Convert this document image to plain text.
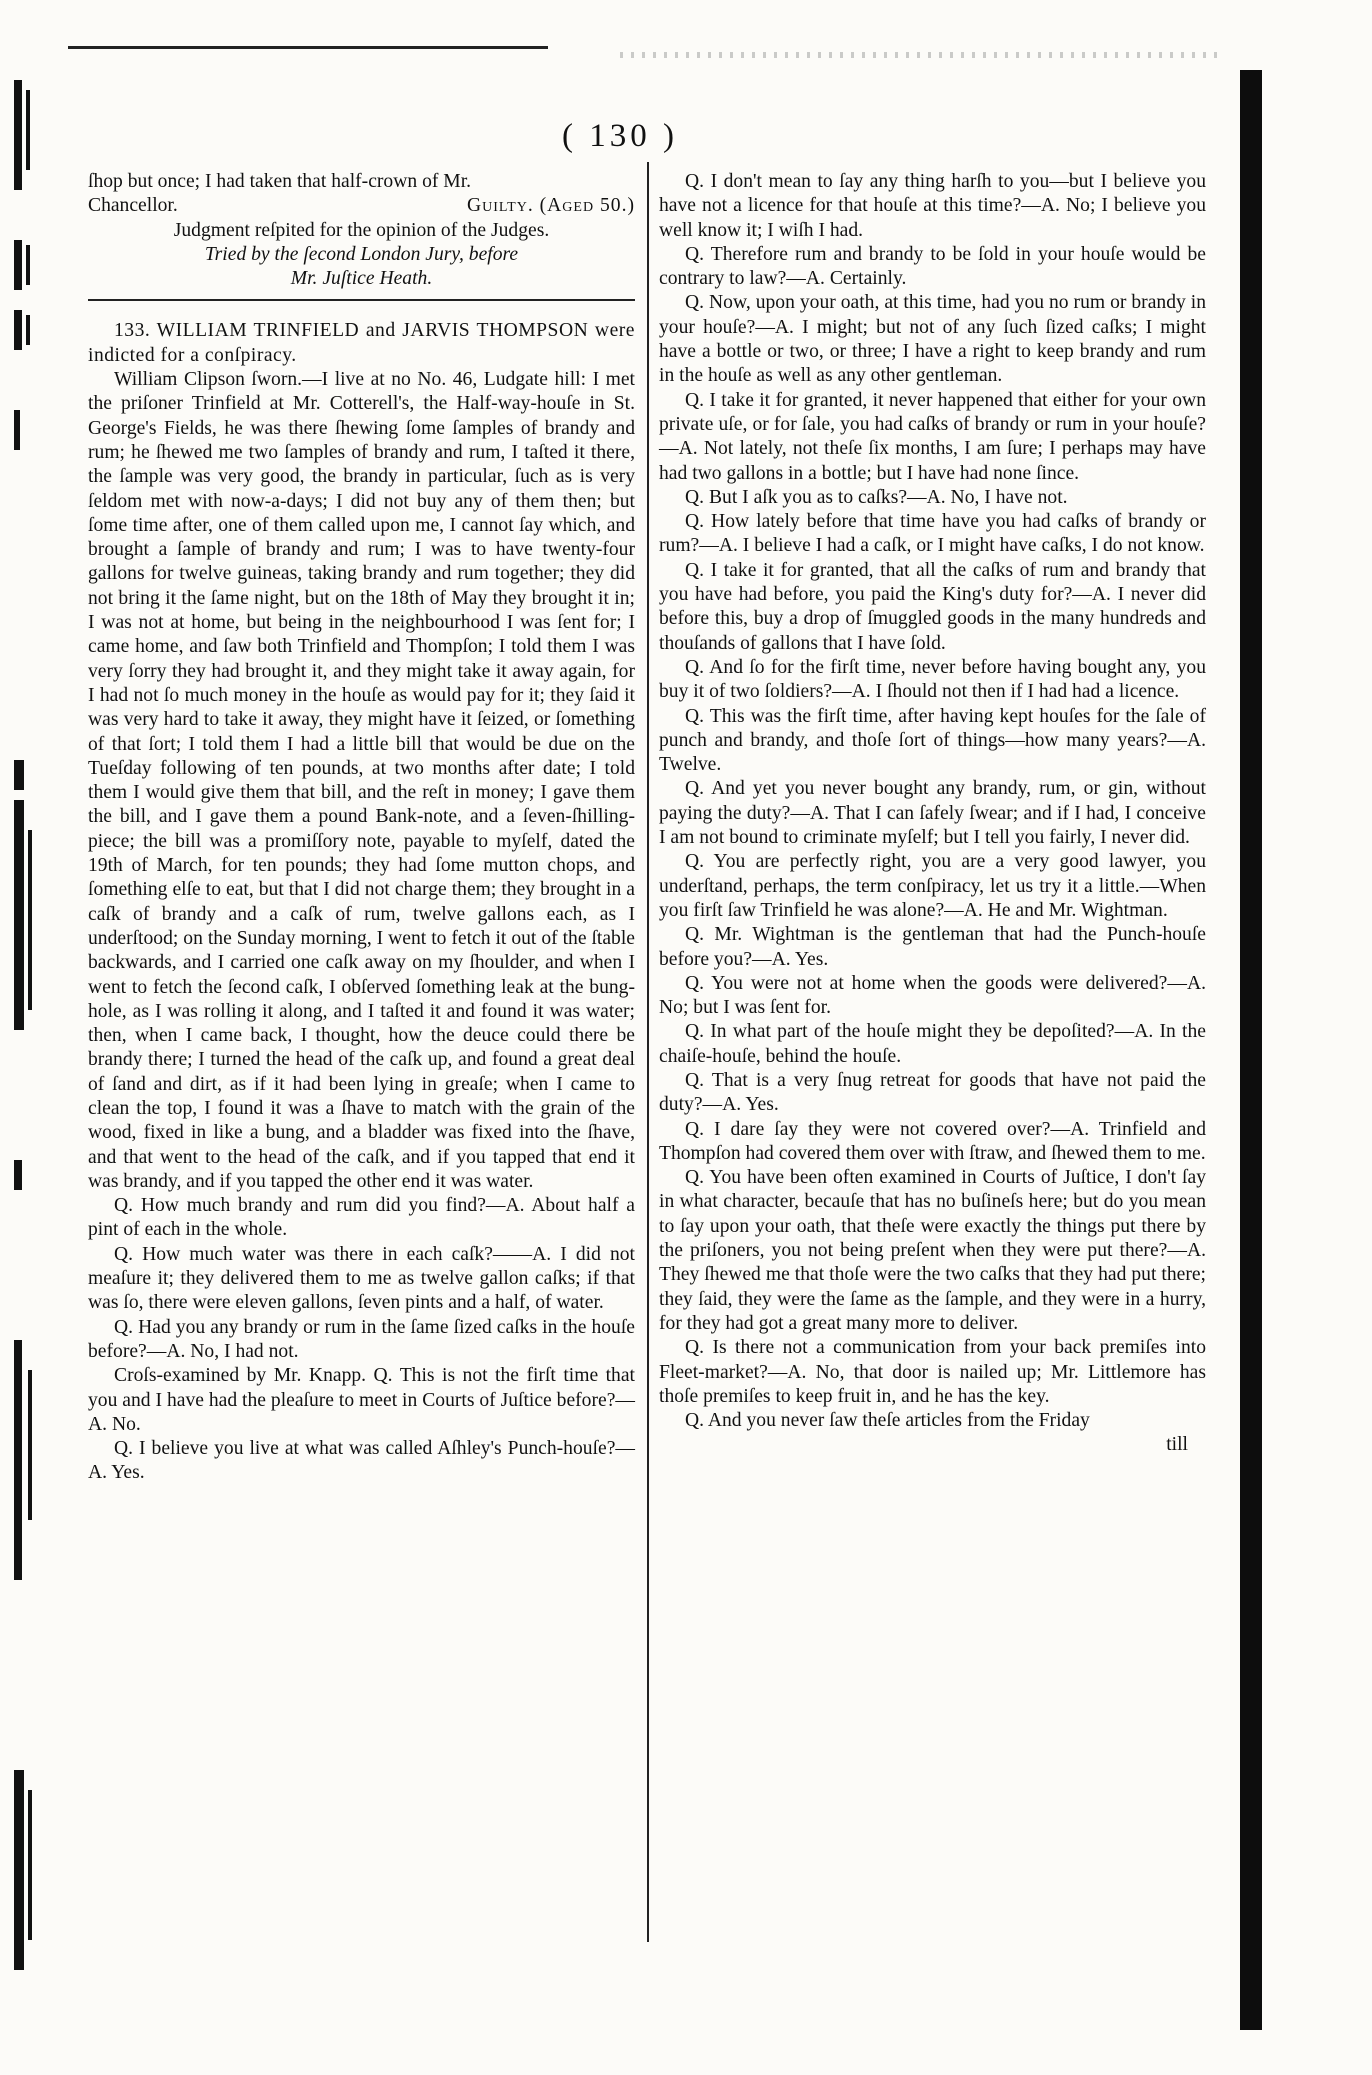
( 130 )

ſhop but once; I had taken that half-crown of Mr.

Chancellor.	Guilty. (Aged 50.)

Judgment reſpited for the opinion of the Judges.

Tried by the ſecond London Jury, before

Mr. Juſtice Heath.

133. WILLIAM TRINFIELD and JARVIS THOMPSON were indicted for a conſpiracy.

William Clipson ſworn.—I live at no No. 46, Ludgate hill: I met the priſoner Trinfield at Mr. Cotterell's, the Half-way-houſe in St. George's Fields, he was there ſhewing ſome ſamples of brandy and rum; he ſhewed me two ſamples of brandy and rum, I taſted it there, the ſample was very good, the brandy in particular, ſuch as is very ſeldom met with now-a-days; I did not buy any of them then; but ſome time after, one of them called upon me, I cannot ſay which, and brought a ſample of brandy and rum; I was to have twenty-four gallons for twelve guineas, taking brandy and rum together; they did not bring it the ſame night, but on the 18th of May they brought it in; I was not at home, but being in the neighbourhood I was ſent for; I came home, and ſaw both Trinfield and Thompſon; I told them I was very ſorry they had brought it, and they might take it away again, for I had not ſo much money in the houſe as would pay for it; they ſaid it was very hard to take it away, they might have it ſeized, or ſomething of that ſort; I told them I had a little bill that would be due on the Tueſday following of ten pounds, at two months after date; I told them I would give them that bill, and the reſt in money; I gave them the bill, and I gave them a pound Bank-note, and a ſeven-ſhilling-piece; the bill was a promiſſory note, payable to myſelf, dated the 19th of March, for ten pounds; they had ſome mutton chops, and ſomething elſe to eat, but that I did not charge them; they brought in a caſk of brandy and a caſk of rum, twelve gallons each, as I underſtood; on the Sunday morning, I went to fetch it out of the ſtable backwards, and I carried one caſk away on my ſhoulder, and when I went to fetch the ſecond caſk, I obſerved ſomething leak at the bung-hole, as I was rolling it along, and I taſted it and found it was water; then, when I came back, I thought, how the deuce could there be brandy there; I turned the head of the caſk up, and found a great deal of ſand and dirt, as if it had been lying in greaſe; when I came to clean the top, I found it was a ſhave to match with the grain of the wood, fixed in like a bung, and a bladder was fixed into the ſhave, and that went to the head of the caſk, and if you tapped that end it was brandy, and if you tapped the other end it was water.

Q. How much brandy and rum did you find?—A. About half a pint of each in the whole.

Q. How much water was there in each caſk?——A. I did not meaſure it; they delivered them to me as twelve gallon caſks; if that was ſo, there were eleven gallons, ſeven pints and a half, of water.

Q. Had you any brandy or rum in the ſame ſized caſks in the houſe before?—A. No, I had not.

Croſs-examined by Mr. Knapp. Q. This is not the firſt time that you and I have had the pleaſure to meet in Courts of Juſtice before?—A. No.

Q. I believe you live at what was called Aſhley's Punch-houſe?—A. Yes.

Q. I don't mean to ſay any thing harſh to you—but I believe you have not a licence for that houſe at this time?—A. No; I believe you well know it; I wiſh I had.

Q. Therefore rum and brandy to be ſold in your houſe would be contrary to law?—A. Certainly.

Q. Now, upon your oath, at this time, had you no rum or brandy in your houſe?—A. I might; but not of any ſuch ſized caſks; I might have a bottle or two, or three; I have a right to keep brandy and rum in the houſe as well as any other gentleman.

Q. I take it for granted, it never happened that either for your own private uſe, or for ſale, you had caſks of brandy or rum in your houſe?—A. Not lately, not theſe ſix months, I am ſure; I perhaps may have had two gallons in a bottle; but I have had none ſince.

Q. But I aſk you as to caſks?—A. No, I have not.

Q. How lately before that time have you had caſks of brandy or rum?—A. I believe I had a caſk, or I might have caſks, I do not know.

Q. I take it for granted, that all the caſks of rum and brandy that you have had before, you paid the King's duty for?—A. I never did before this, buy a drop of ſmuggled goods in the many hundreds and thouſands of gallons that I have ſold.

Q. And ſo for the firſt time, never before having bought any, you buy it of two ſoldiers?—A. I ſhould not then if I had had a licence.

Q. This was the firſt time, after having kept houſes for the ſale of punch and brandy, and thoſe ſort of things—how many years?—A. Twelve.

Q. And yet you never bought any brandy, rum, or gin, without paying the duty?—A. That I can ſafely ſwear; and if I had, I conceive I am not bound to criminate myſelf; but I tell you fairly, I never did.

Q. You are perfectly right, you are a very good lawyer, you underſtand, perhaps, the term conſpiracy, let us try it a little.—When you firſt ſaw Trinfield he was alone?—A. He and Mr. Wightman.

Q. Mr. Wightman is the gentleman that had the Punch-houſe before you?—A. Yes.

Q. You were not at home when the goods were delivered?—A. No; but I was ſent for.

Q. In what part of the houſe might they be depoſited?—A. In the chaiſe-houſe, behind the houſe.

Q. That is a very ſnug retreat for goods that have not paid the duty?—A. Yes.

Q. I dare ſay they were not covered over?—A. Trinfield and Thompſon had covered them over with ſtraw, and ſhewed them to me.

Q. You have been often examined in Courts of Juſtice, I don't ſay in what character, becauſe that has no buſineſs here; but do you mean to ſay upon your oath, that theſe were exactly the things put there by the priſoners, you not being preſent when they were put there?—A. They ſhewed me that thoſe were the two caſks that they had put there; they ſaid, they were the ſame as the ſample, and they were in a hurry, for they had got a great many more to deliver.

Q. Is there not a communication from your back premiſes into Fleet-market?—A. No, that door is nailed up; Mr. Littlemore has thoſe premiſes to keep fruit in, and he has the key.

Q. And you never ſaw theſe articles from the Friday

till
